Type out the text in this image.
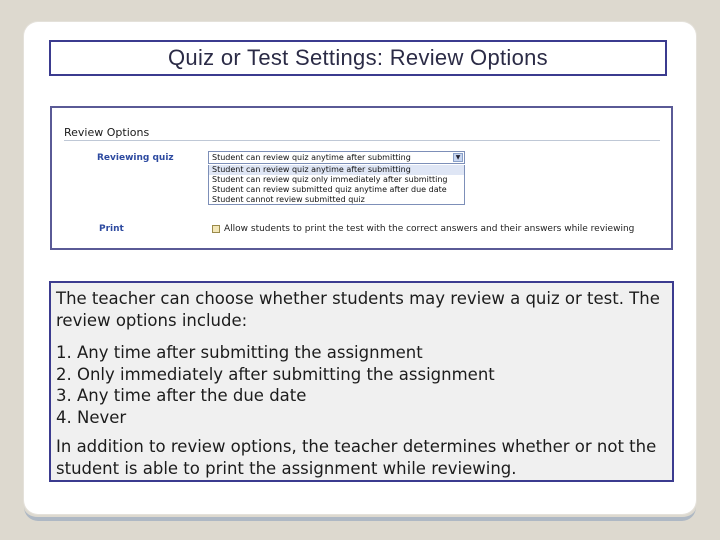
Quiz or Test Settings: Review Options
Review Options
Reviewing quiz	Student can review quiz anytime after submitting	▼
Student can review quiz anytime after submitting
Student can review quiz only immediately after submitting
Student can review submitted quiz anytime after due date
Student cannot review submitted quiz
Print	Allow students to print the test with the correct answers and their answers while reviewing
The teacher can choose whether students may review a quiz or test. The review options include:
1. Any time after submitting the assignment
2. Only immediately after submitting the assignment
3. Any time after the due date
4. Never
In addition to review options, the teacher determines whether or not the student is able to print the assignment while reviewing.
